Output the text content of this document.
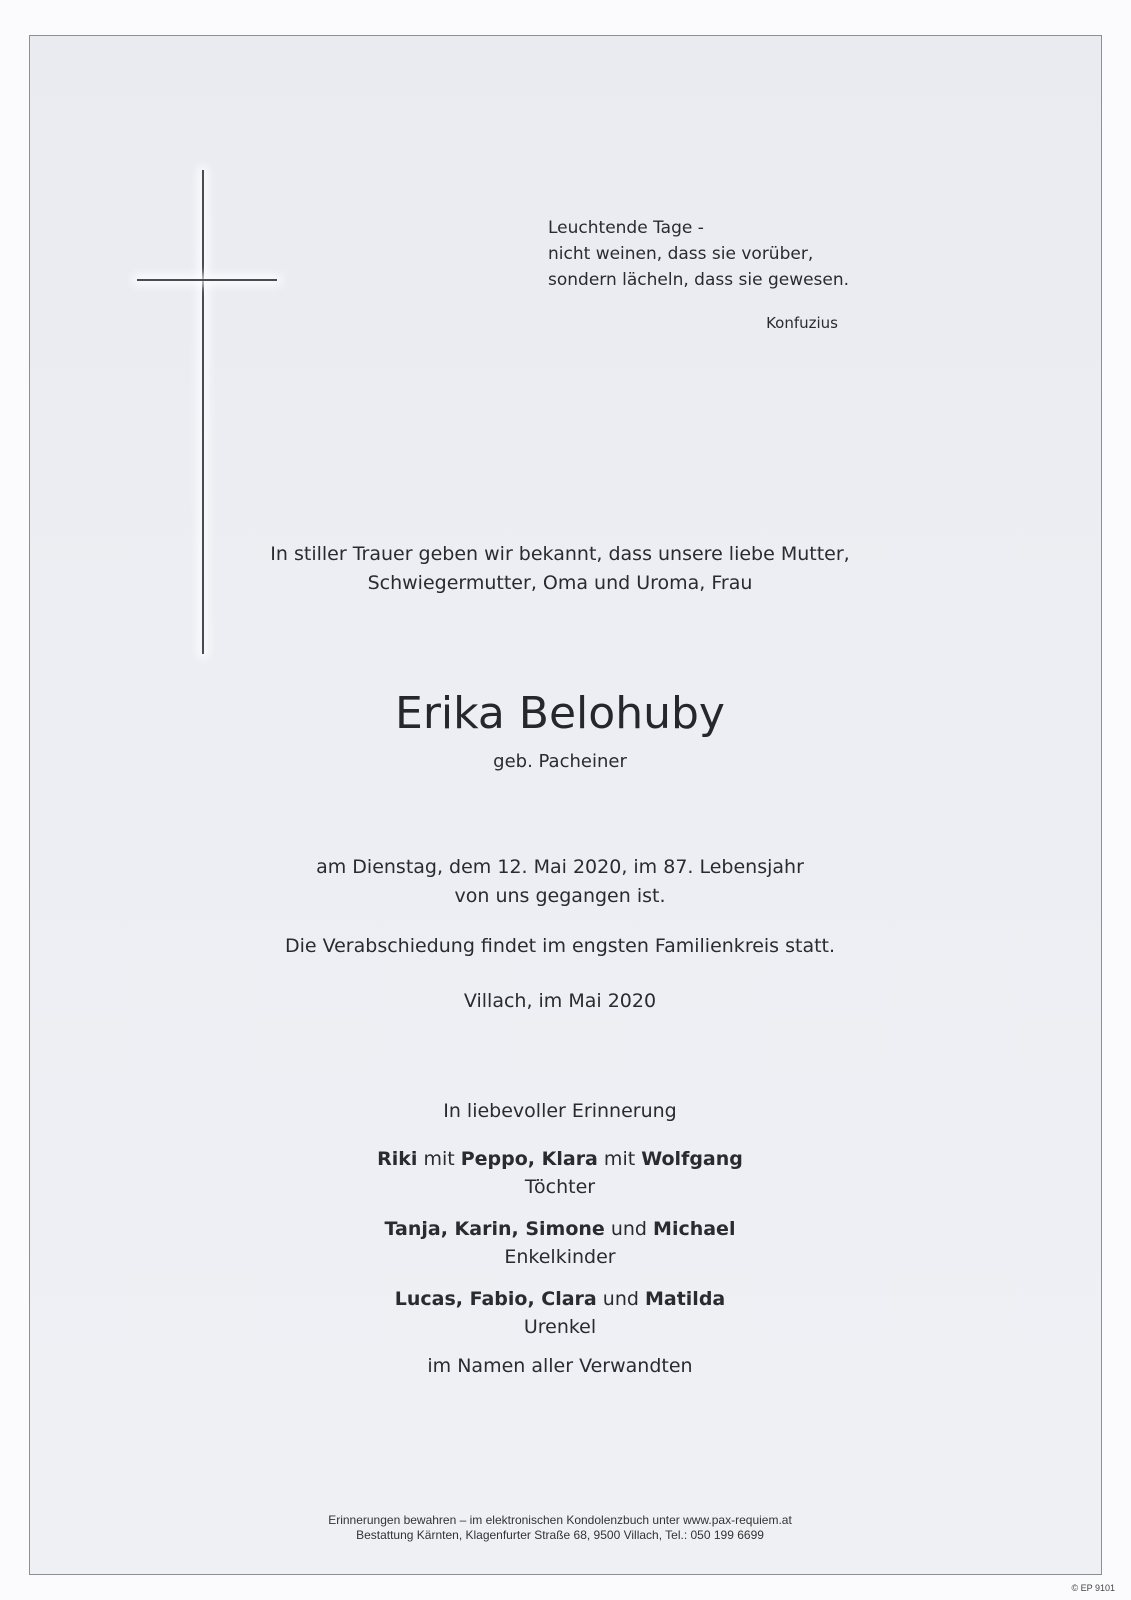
Leuchtende Tage -
nicht weinen, dass sie vorüber,
sondern lächeln, dass sie gewesen.
Konfuzius
In stiller Trauer geben wir bekannt, dass unsere liebe Mutter,
Schwiegermutter, Oma und Uroma, Frau
Erika Belohuby
geb. Pacheiner
am Dienstag, dem 12. Mai 2020, im 87. Lebensjahr
von uns gegangen ist.
Die Verabschiedung findet im engsten Familienkreis statt.
Villach, im Mai 2020
In liebevoller Erinnerung
Riki mit Peppo, Klara mit Wolfgang
Töchter
Tanja, Karin, Simone und Michael
Enkelkinder
Lucas, Fabio, Clara und Matilda
Urenkel
im Namen aller Verwandten
Erinnerungen bewahren – im elektronischen Kondolenzbuch unter www.pax-requiem.at
Bestattung Kärnten, Klagenfurter Straße 68, 9500 Villach, Tel.: 050 199 6699
© EP 9101
